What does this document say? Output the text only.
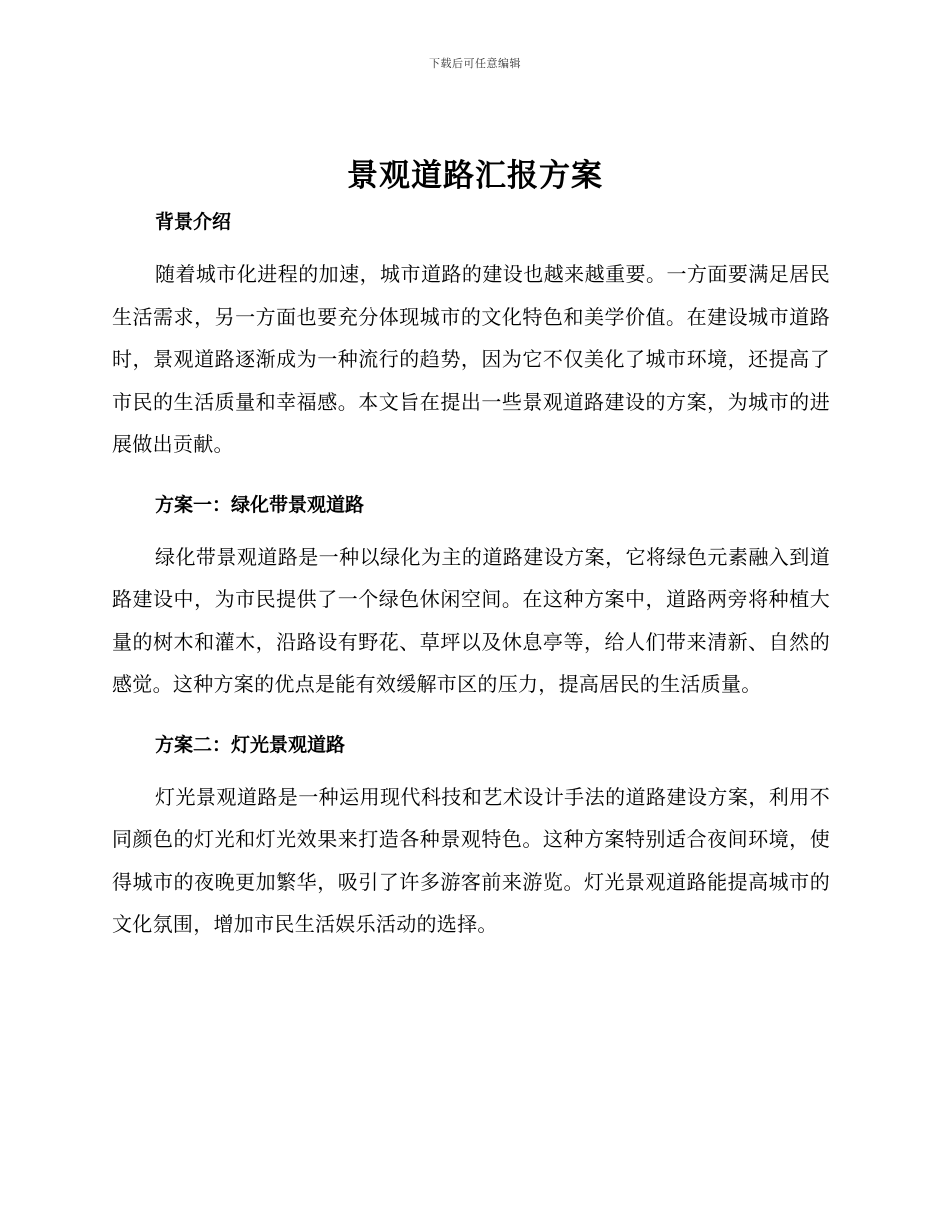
下载后可任意编辑
景观道路汇报方案
背景介绍

随着城市化进程的加速，城市道路的建设也越来越重要。一方面要满足居民生活需求，另一方面也要充分体现城市的文化特色和美学价值。在建设城市道路时，景观道路逐渐成为一种流行的趋势，因为它不仅美化了城市环境，还提高了市民的生活质量和幸福感。本文旨在提出一些景观道路建设的方案，为城市的进展做出贡献。

方案一：绿化带景观道路

绿化带景观道路是一种以绿化为主的道路建设方案，它将绿色元素融入到道路建设中，为市民提供了一个绿色休闲空间。在这种方案中，道路两旁将种植大量的树木和灌木，沿路设有野花、草坪以及休息亭等，给人们带来清新、自然的感觉。这种方案的优点是能有效缓解市区的压力，提高居民的生活质量。

方案二：灯光景观道路

灯光景观道路是一种运用现代科技和艺术设计手法的道路建设方案，利用不同颜色的灯光和灯光效果来打造各种景观特色。这种方案特别适合夜间环境，使得城市的夜晚更加繁华，吸引了许多游客前来游览。灯光景观道路能提高城市的文化氛围，增加市民生活娱乐活动的选择。
